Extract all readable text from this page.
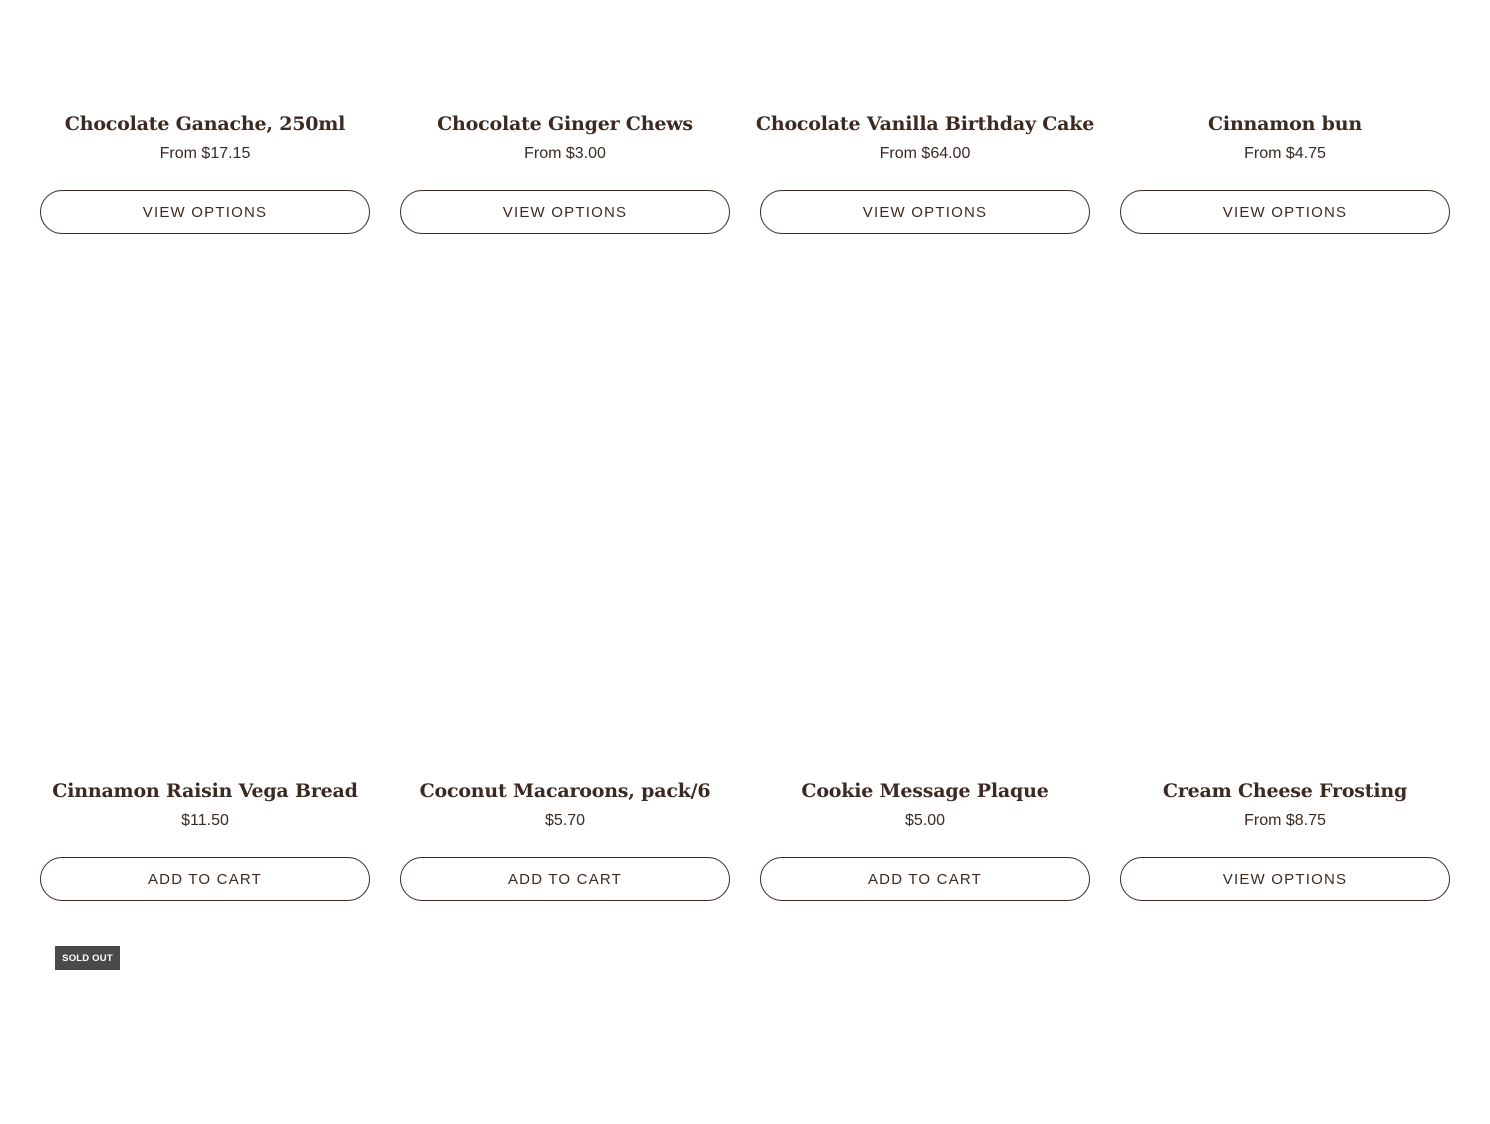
Chocolate Ganache, 250ml
From $17.15
VIEW OPTIONS
Chocolate Ginger Chews
From $3.00
VIEW OPTIONS
Chocolate Vanilla Birthday Cake
From $64.00
VIEW OPTIONS
Cinnamon bun
From $4.75
VIEW OPTIONS
Cinnamon Raisin Vega Bread
$11.50
ADD TO CART
Coconut Macaroons, pack/6
$5.70
ADD TO CART
Cookie Message Plaque
$5.00
ADD TO CART
Cream Cheese Frosting
From $8.75
VIEW OPTIONS
SOLD OUT
